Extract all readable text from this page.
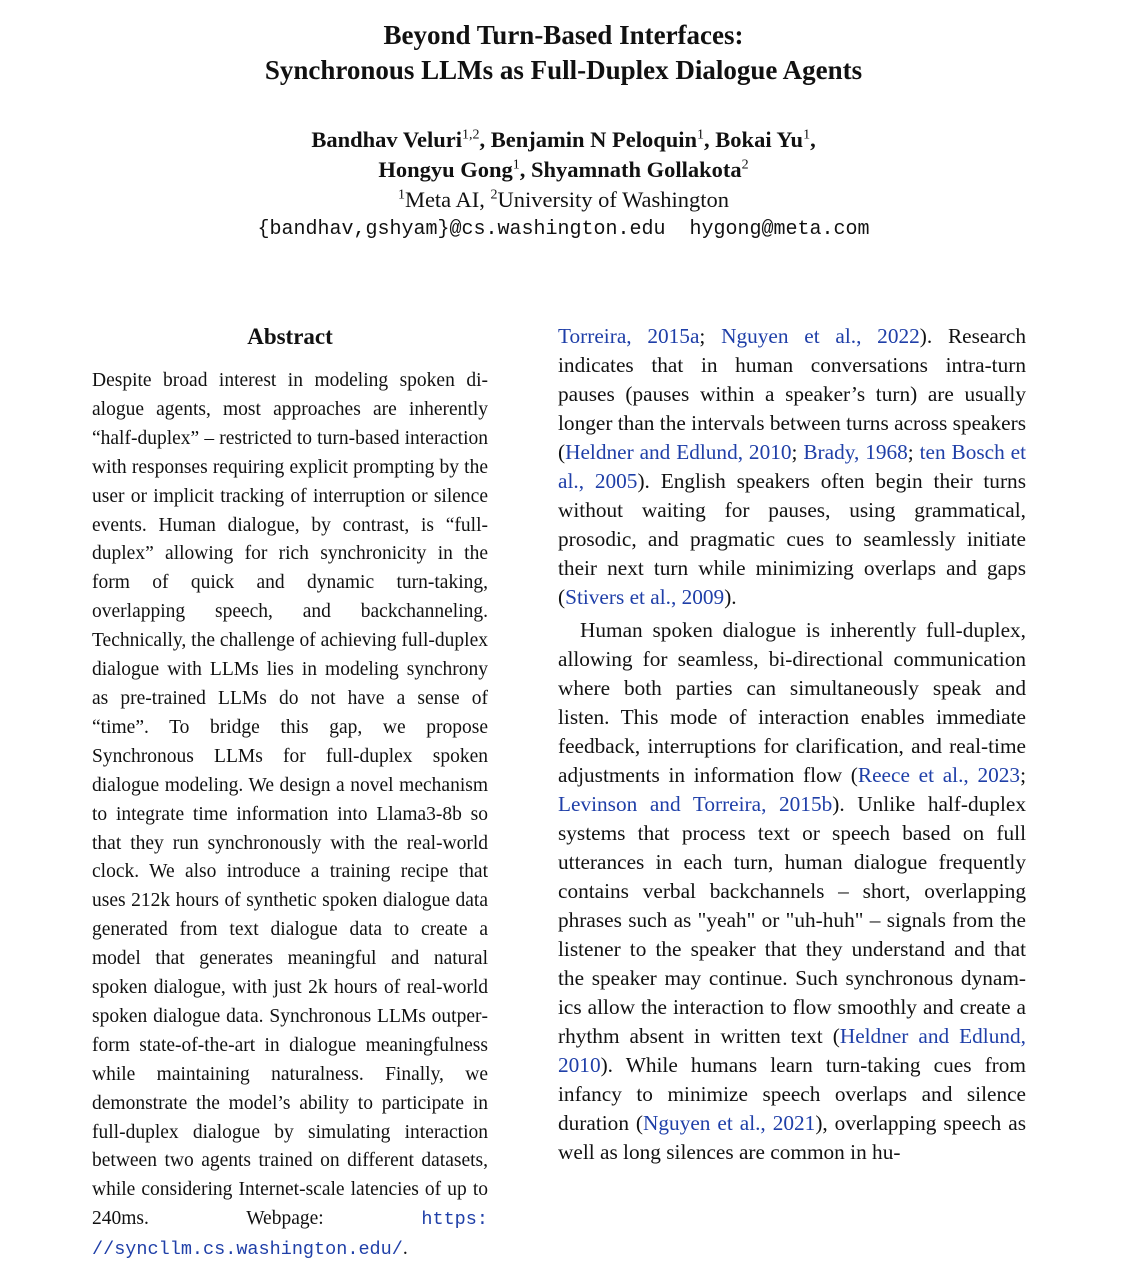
Beyond Turn-Based Interfaces:
Synchronous LLMs as Full-Duplex Dialogue Agents
Bandhav Veluri$^{1,2}$, Benjamin N Peloquin$^1$, Bokai Yu$^1$,
Hongyu Gong$^1$, Shyamnath Gollakota$^2$
$^1$Meta AI, $^2$University of Washington
{bandhav,gshyam}@cs.washington.edu  hygong@meta.com
Abstract
Despite broad interest in modeling spoken dialogue agents, most approaches are inherently “half-duplex” – restricted to turn-based interaction with responses requiring explicit prompting by the user or implicit tracking of interruption or silence events. Human dialogue, by contrast, is “full-duplex” allowing for rich synchronicity in the form of quick and dynamic turn-taking, overlapping speech, and backchanneling. Technically, the challenge of achieving full-duplex dialogue with LLMs lies in modeling synchrony as pre-trained LLMs do not have a sense of “time”. To bridge this gap, we propose Synchronous LLMs for full-duplex spoken dialogue modeling. We design a novel mechanism to integrate time information into Llama3-8b so that they run synchronously with the real-world clock. We also introduce a training recipe that uses 212k hours of synthetic spoken dialogue data generated from text dialogue data to create a model that generates meaningful and natural spoken dialogue, with just 2k hours of real-world spoken dialogue data. Synchronous LLMs outperform state-of-the-art in dialogue meaningfulness while maintaining naturalness. Finally, we demonstrate the model’s ability to participate in full-duplex dialogue by simulating interaction between two agents trained on different datasets, while considering Internet-scale latencies of up to 240ms. Webpage:	https: //syncllm.cs.washington.edu/.

Torreira, 2015a; Nguyen et al., 2022). Research indicates that in human conversations intra-turn pauses (pauses within a speaker’s turn) are usually longer than the intervals between turns across speakers (Heldner and Edlund, 2010; Brady, 1968; ten Bosch et al., 2005). English speakers often begin their turns without waiting for pauses, using grammatical, prosodic, and pragmatic cues to seamlessly initiate their next turn while minimizing overlaps and gaps (Stivers et al., 2009).

Human spoken dialogue is inherently full-duplex, allowing for seamless, bi-directional communication where both parties can simultaneously speak and listen. This mode of interaction enables immediate feedback, interruptions for clarification, and real-time adjustments in information flow (Reece et al., 2023; Levinson and Torreira, 2015b). Unlike half-duplex systems that process text or speech based on full utterances in each turn, human dialogue frequently contains verbal backchannels – short, overlapping phrases such as "yeah" or "uh-huh" – signals from the listener to the speaker that they understand and that the speaker may continue. Such synchronous dynamics allow the interaction to flow smoothly and create a rhythm absent in written text (Heldner and Edlund, 2010). While humans learn turn-taking cues from infancy to minimize speech overlaps and silence duration (Nguyen et al., 2021), overlapping speech as well as long silences are common in hu-
